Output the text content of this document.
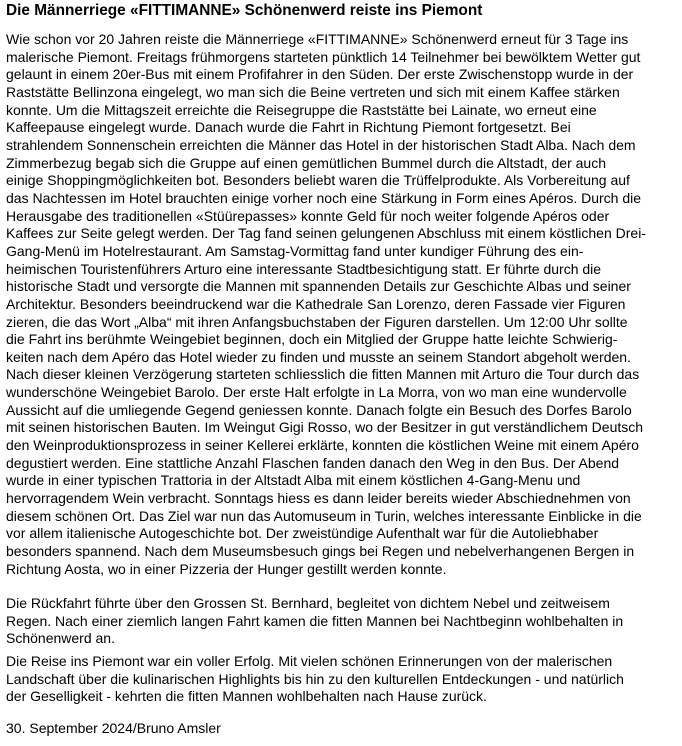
Die Männerriege «FITTIMANNE» Schönenwerd reiste ins Piemont

Wie schon vor 20 Jahren reiste die Männerriege «FITTIMANNE» Schönenwerd erneut für 3 Tage ins
malerische Piemont. Freitags frühmorgens starteten pünktlich 14 Teilnehmer bei bewölktem Wetter gut
gelaunt in einem 20er-Bus mit einem Profifahrer in den Süden. Der erste Zwischenstopp wurde in der
Raststätte Bellinzona eingelegt, wo man sich die Beine vertreten und sich mit einem Kaffee stärken
konnte. Um die Mittagszeit erreichte die Reisegruppe die Raststätte bei Lainate, wo erneut eine
Kaffeepause eingelegt wurde. Danach wurde die Fahrt in Richtung Piemont fortgesetzt. Bei
strahlendem Sonnenschein erreichten die Männer das Hotel in der historischen Stadt Alba. Nach dem
Zimmerbezug begab sich die Gruppe auf einen gemütlichen Bummel durch die Altstadt, der auch
einige Shoppingmöglichkeiten bot. Besonders beliebt waren die Trüffelprodukte. Als Vorbereitung auf
das Nachtessen im Hotel brauchten einige vorher noch eine Stärkung in Form eines Apéros. Durch die
Herausgabe des traditionellen «Stüürepasses» konnte Geld für noch weiter folgende Apéros oder
Kaffees zur Seite gelegt werden. Der Tag fand seinen gelungenen Abschluss mit einem köstlichen Drei-
Gang-Menü im Hotelrestaurant. Am Samstag-Vormittag fand unter kundiger Führung des ein-
heimischen Touristenführers Arturo eine interessante Stadtbesichtigung statt. Er führte durch die
historische Stadt und versorgte die Mannen mit spannenden Details zur Geschichte Albas und seiner
Architektur. Besonders beeindruckend war die Kathedrale San Lorenzo, deren Fassade vier Figuren
zieren, die das Wort „Alba“ mit ihren Anfangsbuchstaben der Figuren darstellen. Um 12:00 Uhr sollte
die Fahrt ins berühmte Weingebiet beginnen, doch ein Mitglied der Gruppe hatte leichte Schwierig-
keiten nach dem Apéro das Hotel wieder zu finden und musste an seinem Standort abgeholt werden.
Nach dieser kleinen Verzögerung starteten schliesslich die fitten Mannen mit Arturo die Tour durch das
wunderschöne Weingebiet Barolo. Der erste Halt erfolgte in La Morra, von wo man eine wundervolle
Aussicht auf die umliegende Gegend geniessen konnte. Danach folgte ein Besuch des Dorfes Barolo
mit seinen historischen Bauten. Im Weingut Gigi Rosso, wo der Besitzer in gut verständlichem Deutsch
den Weinproduktionsprozess in seiner Kellerei erklärte, konnten die köstlichen Weine mit einem Apéro
degustiert werden. Eine stattliche Anzahl Flaschen fanden danach den Weg in den Bus. Der Abend
wurde in einer typischen Trattoria in der Altstadt Alba mit einem köstlichen 4-Gang-Menu und
hervorragendem Wein verbracht. Sonntags hiess es dann leider bereits wieder Abschiednehmen von
diesem schönen Ort. Das Ziel war nun das Automuseum in Turin, welches interessante Einblicke in die
vor allem italienische Autogeschichte bot. Der zweistündige Aufenthalt war für die Autoliebhaber
besonders spannend. Nach dem Museumsbesuch gings bei Regen und nebelverhangenen Bergen in
Richtung Aosta, wo in einer Pizzeria der Hunger gestillt werden konnte.

Die Rückfahrt führte über den Grossen St. Bernhard, begleitet von dichtem Nebel und zeitweisem
Regen. Nach einer ziemlich langen Fahrt kamen die fitten Mannen bei Nachtbeginn wohlbehalten in
Schönenwerd an.

Die Reise ins Piemont war ein voller Erfolg. Mit vielen schönen Erinnerungen von der malerischen
Landschaft über die kulinarischen Highlights bis hin zu den kulturellen Entdeckungen - und natürlich
der Geselligkeit - kehrten die fitten Mannen wohlbehalten nach Hause zurück.

30. September 2024/Bruno Amsler
